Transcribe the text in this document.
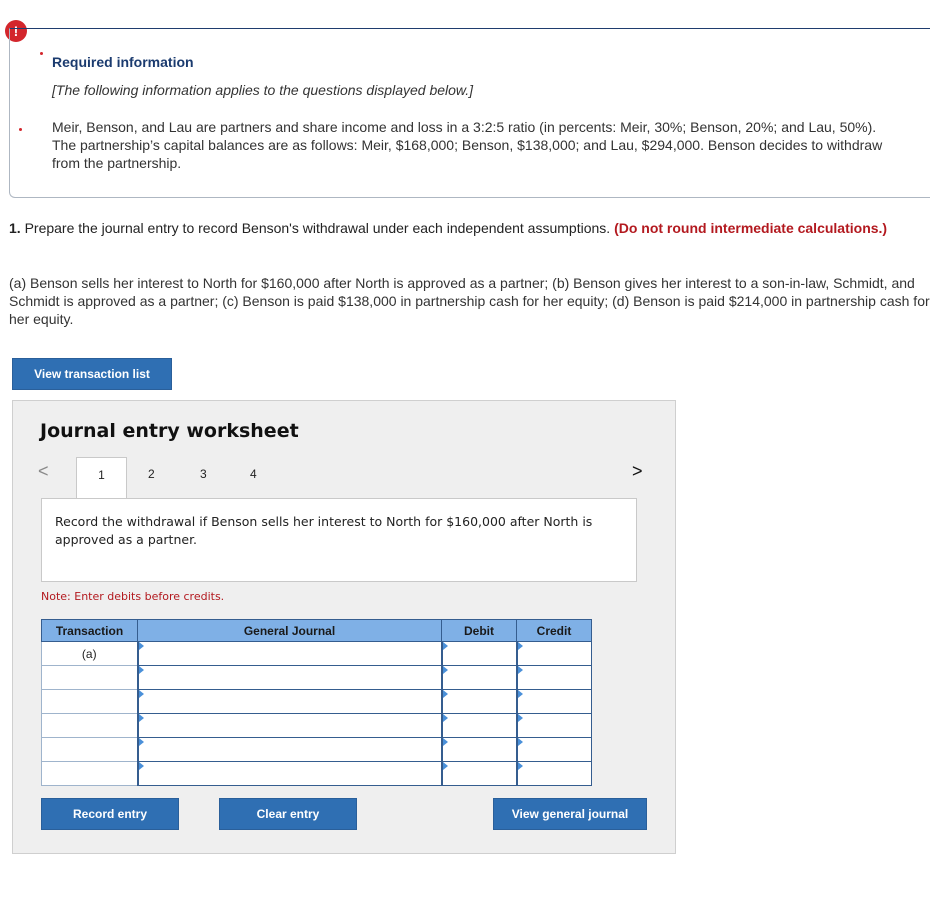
!
Required information
[The following information applies to the questions displayed below.]
Meir, Benson, and Lau are partners and share income and loss in a 3:2:5 ratio (in percents: Meir, 30%; Benson, 20%; and Lau, 50%). The partnership’s capital balances are as follows: Meir, $168,000; Benson, $138,000; and Lau, $294,000. Benson decides to withdraw from the partnership.
1. Prepare the journal entry to record Benson's withdrawal under each independent assumptions. (Do not round intermediate calculations.)
(a) Benson sells her interest to North for $160,000 after North is approved as a partner; (b) Benson gives her interest to a son-in-law, Schmidt, and Schmidt is approved as a partner; (c) Benson is paid $138,000 in partnership cash for her equity; (d) Benson is paid $214,000 in partnership cash for her equity.
View transaction list
Journal entry worksheet
<	1	2	3	4	>
Record the withdrawal if Benson sells her interest to North for $160,000 after North is approved as a partner.
Note: Enter debits before credits.
Transaction	General Journal	Debit	Credit
(a)			

Record entry	Clear entry	View general journal
